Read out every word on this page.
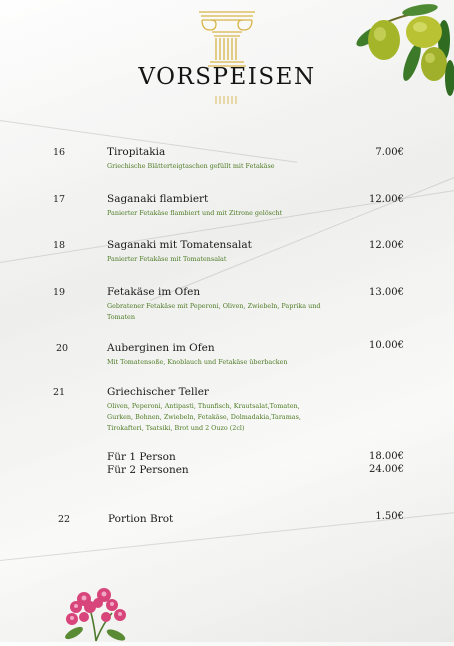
VORSPEISEN
16	Tiropitakia	7.00€
Griechische Blätterteigtaschen gefüllt mit Fetakäse
17	Saganaki flambiert	12.00€
Panierter Fetakäse flambiert und mit Zitrone gelöscht
18	Saganaki mit Tomatensalat	12.00€
Panierter Fetakäse mit Tomatensalat
19	Fetakäse im Ofen	13.00€
Gebratener Fetakäse mit Peperoni, Oliven, Zwiebeln, Paprika und Tomaten
20	Auberginen im Ofen	10.00€
Mit Tomatensoße, Knoblauch und Fetakäse überbacken
21	Griechischer Teller
Oliven, Peperoni, Antipasti, Thunfisch, Krautsalat,Tomaten, Gurken, Bohnen, Zwiebeln, Fetakäse, Dolmadakia,Taramas, Tirokafteri, Tsatsiki, Brot und 2 Ouzo (2cl)
Für 1 Person	18.00€
Für 2 Personen	24.00€
22	Portion Brot	1.50€
